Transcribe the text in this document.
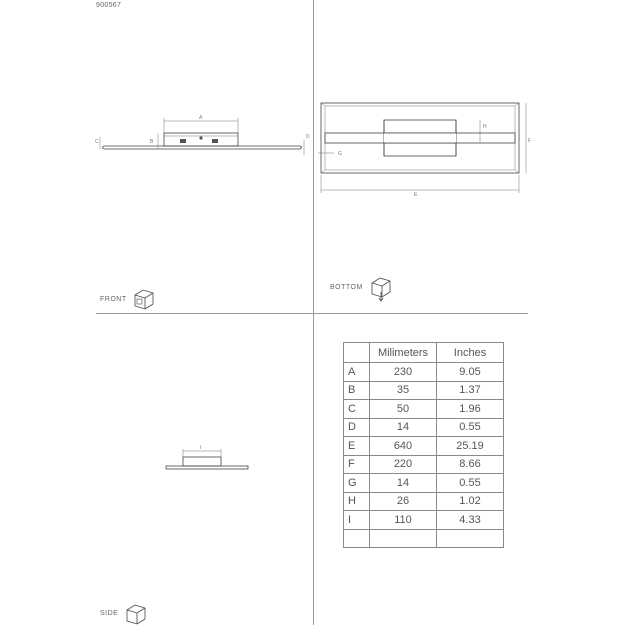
900567
A
B
C
D
E
F
G
H
I
FRONT
BOTTOM
SIDE
	Milimeters	Inches
A	230	9.05
B	35	1.37
C	50	1.96
D	14	0.55
E	640	25.19
F	220	8.66
G	14	0.55
H	26	1.02
I	110	4.33
